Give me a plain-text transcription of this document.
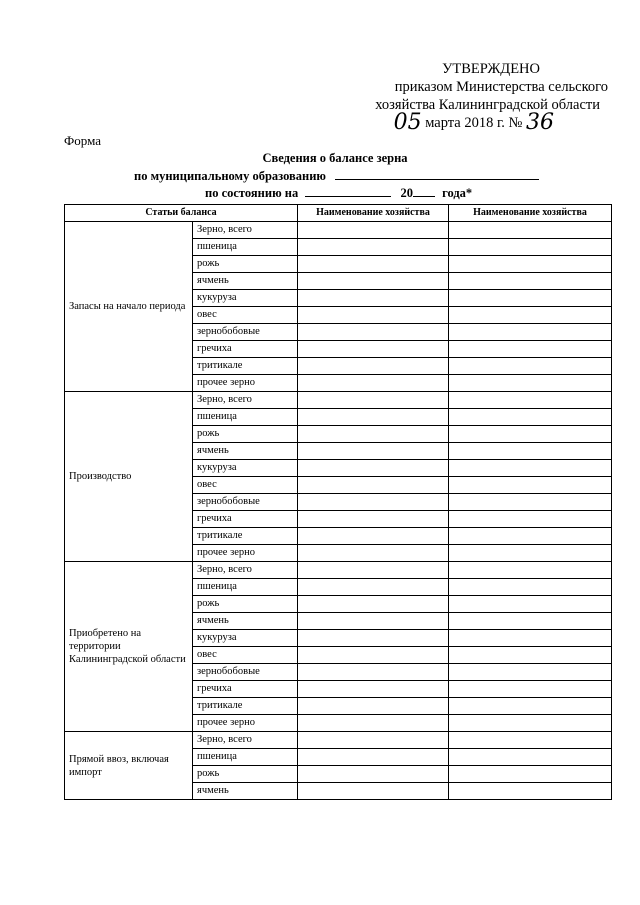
УТВЕРЖДЕНО
приказом Министерства сельского
хозяйства Калининградской области
05 марта 2018 г. № 36
Форма
Сведения о балансе зерна
по муниципальному образованию
по состоянию на	20 года*
Статьи баланса		Наименование хозяйства	Наименование хозяйства
Запасы на начало периода	Зерно, всего		
	пшеница		
	рожь		
	ячмень		
	кукуруза		
	овес		
	зернобобовые		
	гречиха		
	тритикале		
	прочее зерно		
Производство	Зерно, всего		
	пшеница		
	рожь		
	ячмень		
	кукуруза		
	овес		
	зернобобовые		
	гречиха		
	тритикале		
	прочее зерно		
Приобретено на территории Калининградской области	Зерно, всего		
	пшеница		
	рожь		
	ячмень		
	кукуруза		
	овес		
	зернобобовые		
	гречиха		
	тритикале		
	прочее зерно		
Прямой ввоз, включая импорт	Зерно, всего		
	пшеница		
	рожь		
	ячмень		
